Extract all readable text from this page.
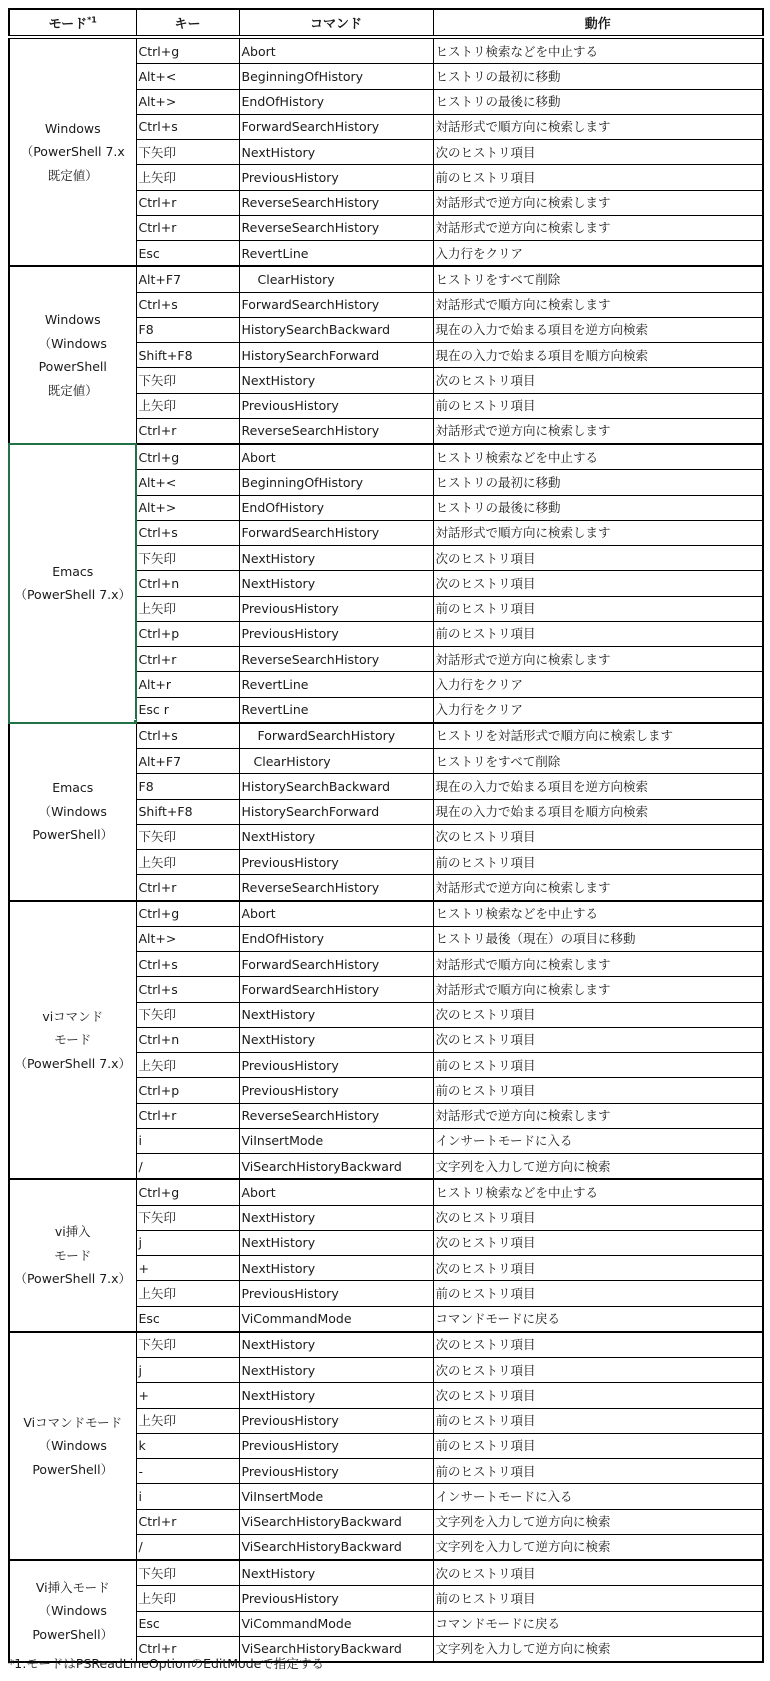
モード$^{*1}$	キー	コマンド	動作

Windows
（PowerShell 7.x
既定値）	Ctrl+g	Abort	ヒストリ検索などを中止する
	Alt+<	BeginningOfHistory	ヒストリの最初に移動
	Alt+>	EndOfHistory	ヒストリの最後に移動
	Ctrl+s	ForwardSearchHistory	対話形式で順方向に検索します
	下矢印	NextHistory	次のヒストリ項目
	上矢印	PreviousHistory	前のヒストリ項目
	Ctrl+r	ReverseSearchHistory	対話形式で逆方向に検索します
	Ctrl+r	ReverseSearchHistory	対話形式で逆方向に検索します
	Esc	RevertLine	入力行をクリア

Windows
（Windows
PowerShell
既定値）	Alt+F7	ClearHistory	ヒストリをすべて削除
	Ctrl+s	ForwardSearchHistory	対話形式で順方向に検索します
	F8	HistorySearchBackward	現在の入力で始まる項目を逆方向検索
	Shift+F8	HistorySearchForward	現在の入力で始まる項目を順方向検索
	下矢印	NextHistory	次のヒストリ項目
	上矢印	PreviousHistory	前のヒストリ項目
	Ctrl+r	ReverseSearchHistory	対話形式で逆方向に検索します

Emacs
（PowerShell 7.x）	Ctrl+g	Abort	ヒストリ検索などを中止する
	Alt+<	BeginningOfHistory	ヒストリの最初に移動
	Alt+>	EndOfHistory	ヒストリの最後に移動
	Ctrl+s	ForwardSearchHistory	対話形式で順方向に検索します
	下矢印	NextHistory	次のヒストリ項目
	Ctrl+n	NextHistory	次のヒストリ項目
	上矢印	PreviousHistory	前のヒストリ項目
	Ctrl+p	PreviousHistory	前のヒストリ項目
	Ctrl+r	ReverseSearchHistory	対話形式で逆方向に検索します
	Alt+r	RevertLine	入力行をクリア
	Esc r	RevertLine	入力行をクリア

Emacs
（Windows
PowerShell）	Ctrl+s	ForwardSearchHistory	ヒストリを対話形式で順方向に検索します
	Alt+F7	ClearHistory	ヒストリをすべて削除
	F8	HistorySearchBackward	現在の入力で始まる項目を逆方向検索
	Shift+F8	HistorySearchForward	現在の入力で始まる項目を順方向検索
	下矢印	NextHistory	次のヒストリ項目
	上矢印	PreviousHistory	前のヒストリ項目
	Ctrl+r	ReverseSearchHistory	対話形式で逆方向に検索します

viコマンド
モード
（PowerShell 7.x）	Ctrl+g	Abort	ヒストリ検索などを中止する
	Alt+>	EndOfHistory	ヒストリ最後（現在）の項目に移動
	Ctrl+s	ForwardSearchHistory	対話形式で順方向に検索します
	Ctrl+s	ForwardSearchHistory	対話形式で順方向に検索します
	下矢印	NextHistory	次のヒストリ項目
	Ctrl+n	NextHistory	次のヒストリ項目
	上矢印	PreviousHistory	前のヒストリ項目
	Ctrl+p	PreviousHistory	前のヒストリ項目
	Ctrl+r	ReverseSearchHistory	対話形式で逆方向に検索します
	i	ViInsertMode	インサートモードに入る
	/	ViSearchHistoryBackward	文字列を入力して逆方向に検索

vi挿入
モード
（PowerShell 7.x）	Ctrl+g	Abort	ヒストリ検索などを中止する
	下矢印	NextHistory	次のヒストリ項目
	j	NextHistory	次のヒストリ項目
	+	NextHistory	次のヒストリ項目
	上矢印	PreviousHistory	前のヒストリ項目
	Esc	ViCommandMode	コマンドモードに戻る

Viコマンドモード
（Windows
PowerShell）	下矢印	NextHistory	次のヒストリ項目
	j	NextHistory	次のヒストリ項目
	+	NextHistory	次のヒストリ項目
	上矢印	PreviousHistory	前のヒストリ項目
	k	PreviousHistory	前のヒストリ項目
	-	PreviousHistory	前のヒストリ項目
	i	ViInsertMode	インサートモードに入る
	Ctrl+r	ViSearchHistoryBackward	文字列を入力して逆方向に検索
	/	ViSearchHistoryBackward	文字列を入力して逆方向に検索

Vi挿入モード
（Windows
PowerShell）	下矢印	NextHistory	次のヒストリ項目
	上矢印	PreviousHistory	前のヒストリ項目
	Esc	ViCommandMode	コマンドモードに戻る
	Ctrl+r	ViSearchHistoryBackward	文字列を入力して逆方向に検索
*1:モードはPSReadLineOptionのEditModeで指定する
